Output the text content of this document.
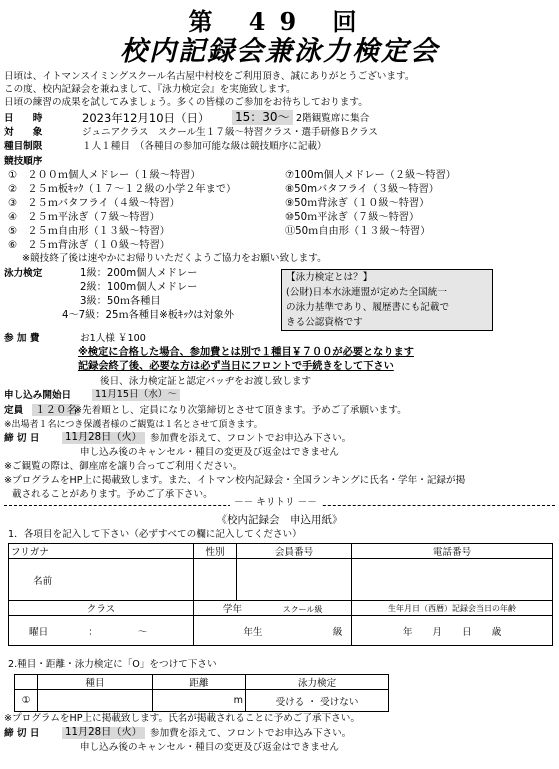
第 49 回
校内記録会兼泳力検定会
日頃は、イトマンスイミングスクール名古屋中村校をご利用頂き、誠にありがとうございます。
この度、校内記録会を兼ねまして、『泳力検定会』を実施致します。
日頃の練習の成果を試してみましょう。多くの皆様のご参加をお待ちしております。
日　　時	2023年12月10日（日） 15：30～ 2階観覧席に集合
対　　象	ジュニアクラス　スクール生１７級～特習クラス・選手研修Ｂクラス
種目制限	１人１種目　（各種目の参加可能な級は競技順序に記載）
競技順序
①　２００ｍ個人メドレー（１級～特習）
②　２５ｍ板ｷｯｸ（１７～１２級の小学２年まで）
③　２５ｍバタフライ（４級～特習）
④　２５ｍ平泳ぎ（７級～特習）
⑤　２５ｍ自由形（１３級～特習）
⑥　２５ｍ背泳ぎ（１０級～特習）
⑦100m個人メドレー（２級～特習）
⑧50mバタフライ（３級～特習）
⑨50ｍ背泳ぎ（１０級～特習）
⑩50ｍ平泳ぎ（７級～特習）
⑪50ｍ自由形（１３級～特習）
※競技終了後は速やかにお帰りいただくようご協力をお願い致します。
泳力検定	1級：200m個人メドレー
2級：100m個人メドレー
3級：50ｍ各種目
4～7級：25ｍ各種目※板ｷｯｸは対象外
【泳力検定とは？】
(公財)日本水泳連盟が定めた全国統一
の泳力基準であり、履歴書にも記載で
きる公認資格です
参 加 費	お1人様 ￥100
※検定に合格した場合、参加費とは別で１種目￥７００が必要となります
記録会終了後、必要な方は必ず当日にフロントで手続きをして下さい
後日、泳力検定証と認定バッヂをお渡し致します
申し込み開始日	11月15日（水）～
定員 １２０名
※先着順とし、定員になり次第締切とさせて頂きます。予めご了承願います。
※出場者１名につき保護者様のご観覧は１名とさせて頂きます。
締 切 日	11月28日（火） 参加費を添えて、フロントでお申込み下さい。
申し込み後のキャンセル・種目の変更及び返金はできません
※ご観覧の際は、御座席を譲り合ってご利用ください。
※プログラムをHP上に掲載致します。また、イトマン校内記録会・全国ランキングに氏名・学年・記録が掲
載されることがあります。予めご了承下さい。
－－ キリトリ －－
《校内記録会　申込用紙》
1．各項目を記入して下さい（必ずすべての欄に記入してください）
フリガナ	性別	会員番号	電話番号
名前			
クラス	学年 スクール級		生年月日（西暦）記録会当日の年齢
曜日 ： ～	年生 級		年 月 日 歳
2.種目・距離・泳力検定に「O」をつけて下さい
	種目	距離	泳力検定
①		m	受ける ・ 受けない
※プログラムをHP上に掲載致します。氏名が掲載されることに予めご了承下さい。
締 切 日	11月28日（火） 参加費を添えて、フロントでお申込み下さい。
申し込み後のキャンセル・種目の変更及び返金はできません
